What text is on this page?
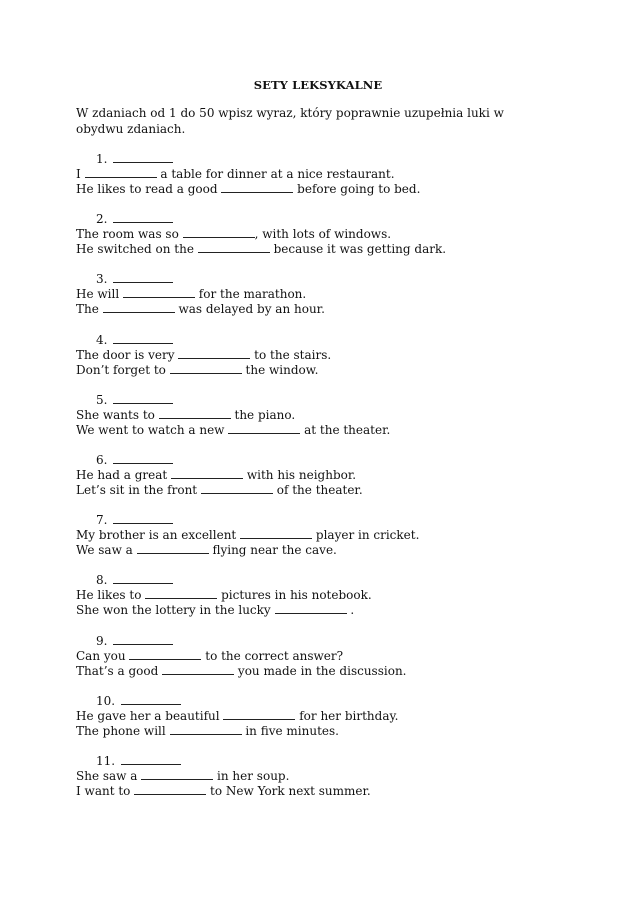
SETY LEKSYKALNE
W zdaniach od 1 do 50 wpisz wyraz, który poprawnie uzupełnia luki w obydwu zdaniach.
1.
I	a table for dinner at a nice restaurant.
He likes to read a good	before going to bed.
2.
The room was so	, with lots of windows.
He switched on the	because it was getting dark.
3.
He will	for the marathon.
The	was delayed by an hour.
4.
The door is very	to the stairs.
Don’t forget to	the window.
5.
She wants to	the piano.
We went to watch a new	at the theater.
6.
He had a great	with his neighbor.
Let’s sit in the front	of the theater.
7.
My brother is an excellent	player in cricket.
We saw a	flying near the cave.
8.
He likes to	pictures in his notebook.
She won the lottery in the lucky	.
9.
Can you	to the correct answer?
That’s a good	you made in the discussion.
10.
He gave her a beautiful	for her birthday.
The phone will	in five minutes.
11.
She saw a	in her soup.
I want to	to New York next summer.
